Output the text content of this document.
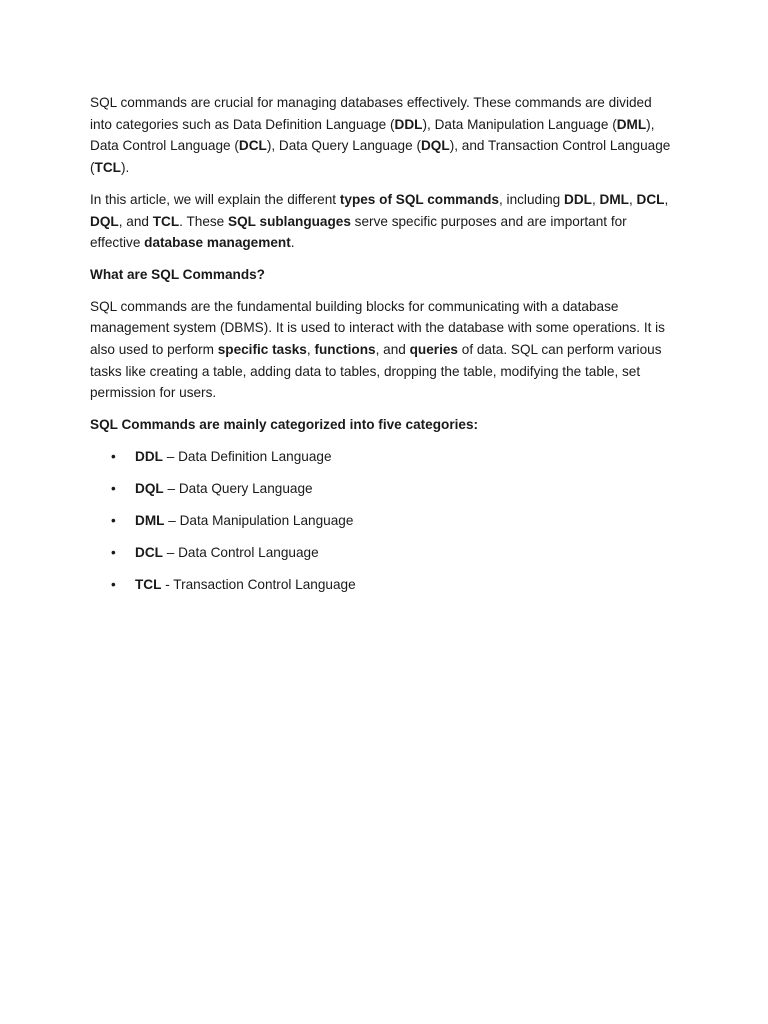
SQL commands are crucial for managing databases effectively. These commands are divided into categories such as Data Definition Language (DDL), Data Manipulation Language (DML), Data Control Language (DCL), Data Query Language (DQL), and Transaction Control Language (TCL).

In this article, we will explain the different types of SQL commands, including DDL, DML, DCL, DQL, and TCL. These SQL sublanguages serve specific purposes and are important for effective database management.

What are SQL Commands?

SQL commands are the fundamental building blocks for communicating with a database management system (DBMS). It is used to interact with the database with some operations. It is also used to perform specific tasks, functions, and queries of data. SQL can perform various tasks like creating a table, adding data to tables, dropping the table, modifying the table, set permission for users.

SQL Commands are mainly categorized into five categories:
• DDL – Data Definition Language
• DQL – Data Query Language
• DML – Data Manipulation Language
• DCL – Data Control Language
• TCL - Transaction Control Language
